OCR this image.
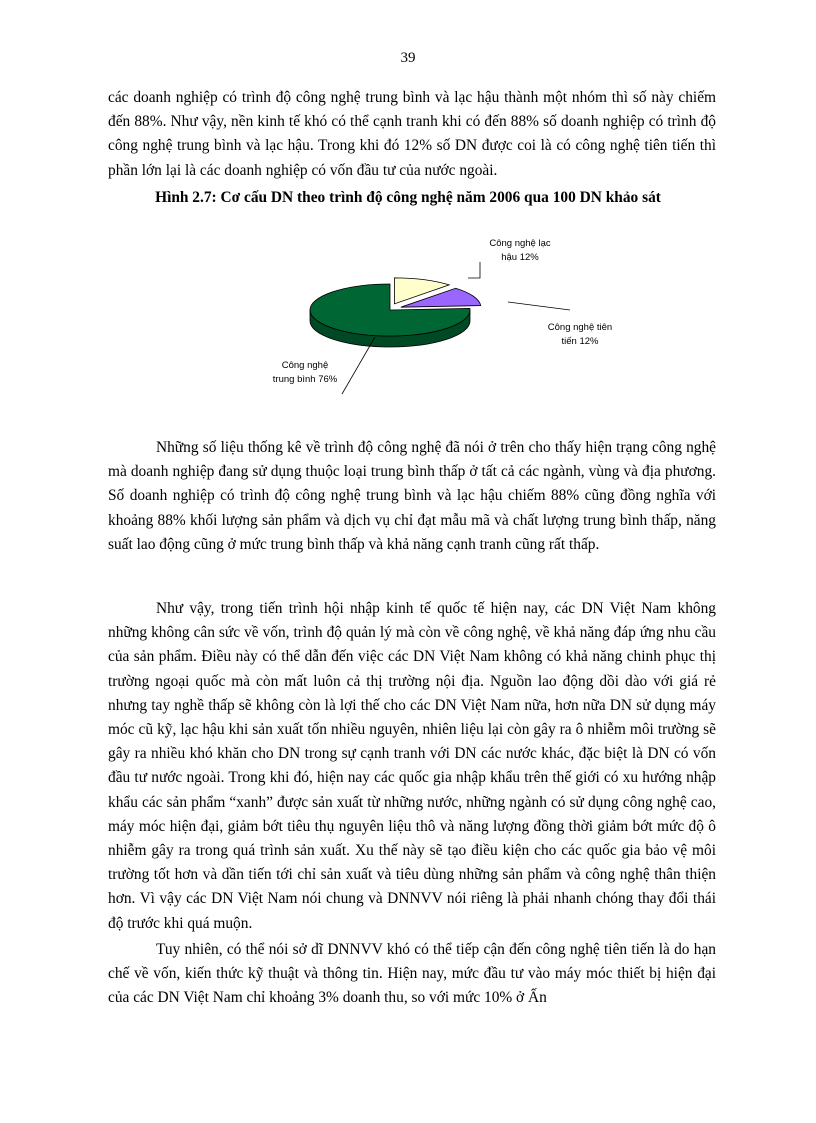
39

các doanh nghiệp có trình độ công nghệ trung bình và lạc hậu thành một nhóm thì số này chiếm đến 88%. Như vậy, nền kinh tế khó có thể cạnh tranh khi có đến 88% số doanh nghiệp có trình độ công nghệ trung bình và lạc hậu. Trong khi đó 12% số DN được coi là có công nghệ tiên tiến thì phần lớn lại là các doanh nghiệp có vốn đầu tư của nước ngoài.

Hình 2.7: Cơ cấu DN theo trình độ công nghệ năm 2006 qua 100 DN khảo sát
Công nghệ lạc hậu 12%
Công nghệ tiên tiến 12%
Công nghệ trung bình 76%

Những số liệu thống kê về trình độ công nghệ đã nói ở trên cho thấy hiện trạng công nghệ mà doanh nghiệp đang sử dụng thuộc loại trung bình thấp ở tất cả các ngành, vùng và địa phương. Số doanh nghiệp có trình độ công nghệ trung bình và lạc hậu chiếm 88% cũng đồng nghĩa với khoảng 88% khối lượng sản phẩm và dịch vụ chỉ đạt mẫu mã và chất lượng trung bình thấp, năng suất lao động cũng ở mức trung bình thấp và khả năng cạnh tranh cũng rất thấp.

Như vậy, trong tiến trình hội nhập kinh tế quốc tế hiện nay, các DN Việt Nam không những không cân sức về vốn, trình độ quản lý mà còn về công nghệ, về khả năng đáp ứng nhu cầu của sản phẩm. Điều này có thể dẫn đến việc các DN Việt Nam không có khả năng chinh phục thị trường ngoại quốc mà còn mất luôn cả thị trường nội địa. Nguồn lao động dồi dào với giá rẻ nhưng tay nghề thấp sẽ không còn là lợi thế cho các DN Việt Nam nữa, hơn nữa DN sử dụng máy móc cũ kỹ, lạc hậu khi sản xuất tốn nhiều nguyên, nhiên liệu lại còn gây ra ô nhiễm môi trường sẽ gây ra nhiều khó khăn cho DN trong sự cạnh tranh với DN các nước khác, đặc biệt là DN có vốn đầu tư nước ngoài. Trong khi đó, hiện nay các quốc gia nhập khẩu trên thế giới có xu hướng nhập khẩu các sản phẩm “xanh” được sản xuất từ những nước, những ngành có sử dụng công nghệ cao, máy móc hiện đại, giảm bớt tiêu thụ nguyên liệu thô và năng lượng đồng thời giảm bớt mức độ ô nhiễm gây ra trong quá trình sản xuất. Xu thế này sẽ tạo điều kiện cho các quốc gia bảo vệ môi trường tốt hơn và dần tiến tới chỉ sản xuất và tiêu dùng những sản phẩm và công nghệ thân thiện hơn. Vì vậy các DN Việt Nam nói chung và DNNVV nói riêng là phải nhanh chóng thay đổi thái độ trước khi quá muộn.

Tuy nhiên, có thể nói sở dĩ DNNVV khó có thể tiếp cận đến công nghệ tiên tiến là do hạn chế về vốn, kiến thức kỹ thuật và thông tin. Hiện nay, mức đầu tư vào máy móc thiết bị hiện đại của các DN Việt Nam chỉ khoảng 3% doanh thu, so với mức 10% ở Ấn
